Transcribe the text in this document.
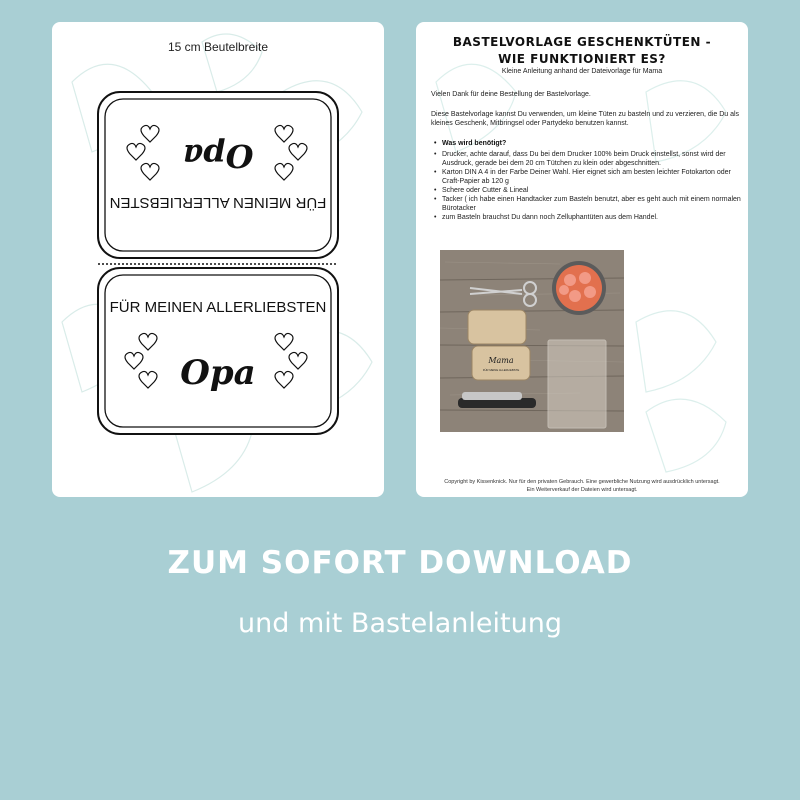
15 cm Beutelbreite
FÜR MEINEN ALLERLIEBSTEN
Opa
FÜR MEINEN ALLERLIEBSTEN
Opa
BASTELVORLAGE GESCHENKTÜTEN -
WIE FUNKTIONIERT ES?
Kleine Anleitung anhand der Dateivorlage für Mama
Vielen Dank für deine Bestellung der Bastelvorlage.
Diese Bastelvorlage kannst Du verwenden, um kleine Tüten zu basteln und zu verzieren, die Du als kleines Geschenk, Mitbringsel oder Partydeko benutzen kannst.
• Was wird benötigt?
• Drucker, achte darauf, dass Du bei dem Drucker 100% beim Druck einstellst, sonst wird der Ausdruck, gerade bei dem 20 cm Tütchen zu klein oder abgeschnitten.
• Karton DIN A 4 in der Farbe Deiner Wahl. Hier eignet sich am besten leichter Fotokarton oder Craft-Papier ab 120 g
• Schere oder Cutter & Lineal
• Tacker ( ich habe einen Handtacker zum Basteln benutzt, aber es geht auch mit einem normalen Bürotacker
• zum Basteln brauchst Du dann noch Zelluphantüten aus dem Handel.
Mama
FÜR MEINE ALLERLIEBSTE
Copyright by Kissenknick. Nur für den privaten Gebrauch. Eine gewerbliche Nutzung wird ausdrücklich untersagt.
Ein Weiterverkauf der Dateien wird untersagt.
ZUM SOFORT DOWNLOAD
und mit Bastelanleitung
